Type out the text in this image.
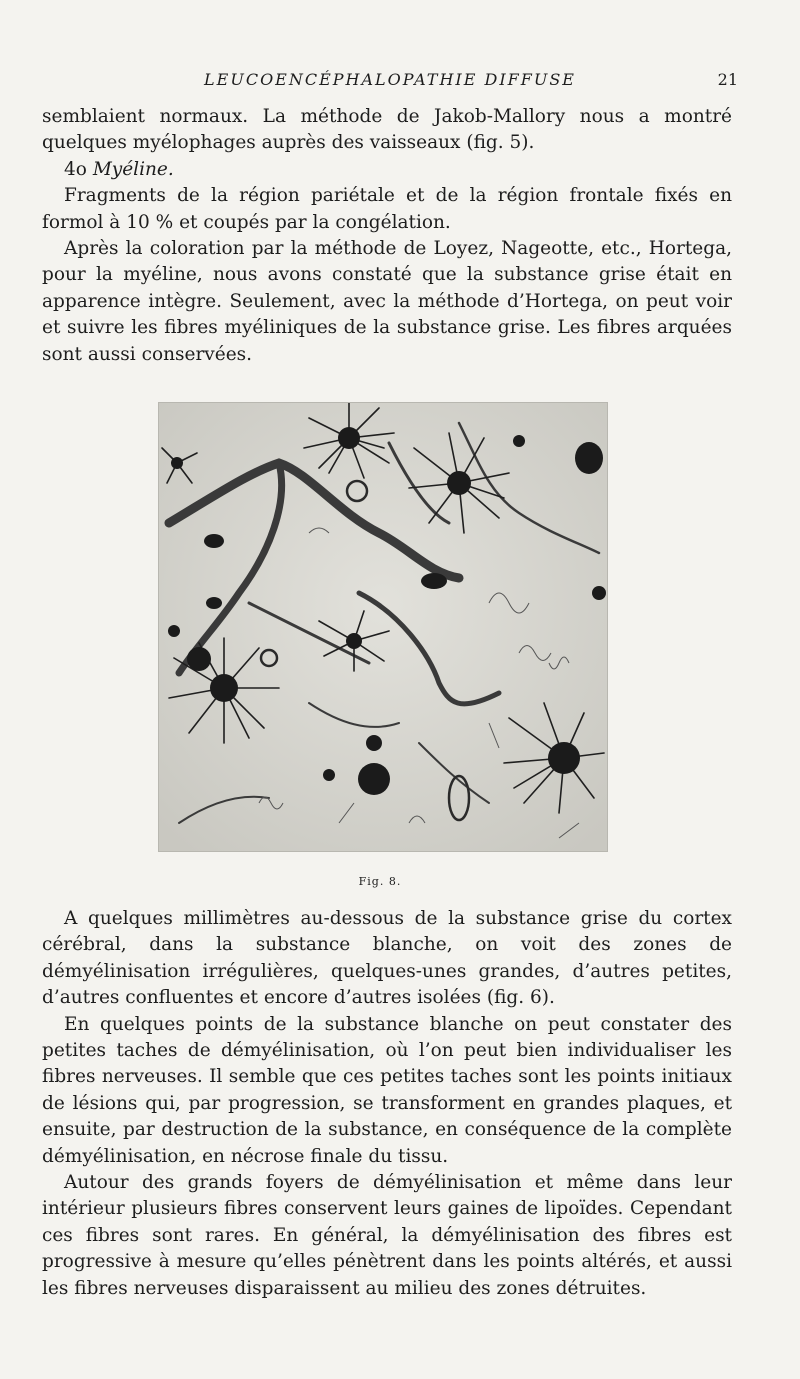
LEUCOENCÉPHALOPATHIE DIFFUSE	21

semblaient normaux. La méthode de Jakob-Mallory nous a montré quelques myélophages auprès des vaisseaux (fig. 5).

4o Myéline.

Fragments de la région pariétale et de la région frontale fixés en formol à 10 % et coupés par la congélation.

Après la coloration par la méthode de Loyez, Nageotte, etc., Hortega, pour la myéline, nous avons constaté que la substance grise était en apparence intègre. Seulement, avec la méthode d’Hortega, on peut voir et suivre les fibres myéliniques de la substance grise. Les fibres arquées sont aussi conservées.

Fig. 8.

A quelques millimètres au-dessous de la substance grise du cortex cérébral, dans la substance blanche, on voit des zones de démyélinisation irrégulières, quelques-unes grandes, d’autres petites, d’autres confluentes et encore d’autres isolées (fig. 6).

En quelques points de la substance blanche on peut constater des petites taches de démyélinisation, où l’on peut bien individualiser les fibres nerveuses. Il semble que ces petites taches sont les points initiaux de lésions qui, par progression, se transforment en grandes plaques, et ensuite, par destruction de la substance, en conséquence de la complète démyélinisation, en nécrose finale du tissu.

Autour des grands foyers de démyélinisation et même dans leur intérieur plusieurs fibres conservent leurs gaines de lipoïdes. Cependant ces fibres sont rares. En général, la démyélinisation des fibres est progressive à mesure qu’elles pénètrent dans les points altérés, et aussi les fibres nerveuses disparaissent au milieu des zones détruites.
